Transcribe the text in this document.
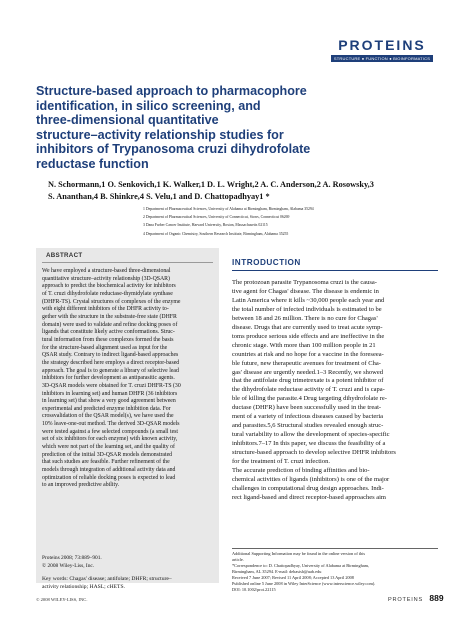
PROTEINS
STRUCTURE ● FUNCTION ● BIOINFORMATICS
Structure-based approach to pharmacophore
identification, in silico screening, and
three-dimensional quantitative
structure–activity relationship studies for
inhibitors of Trypanosoma cruzi dihydrofolate
reductase function
N. Schormann,1 O. Senkovich,1 K. Walker,1 D. L. Wright,2 A. C. Anderson,2 A. Rosowsky,3
S. Ananthan,4 B. Shinkre,4 S. Velu,1 and D. Chattopadhyay1 *
1 Department of Pharmaceutical Sciences, University of Alabama at Birmingham, Birmingham, Alabama 35294
2 Department of Pharmaceutical Sciences, University of Connecticut, Storrs, Connecticut 06269
3 Dana Farber Cancer Institute, Harvard University, Boston, Massachusetts 02115
4 Department of Organic Chemistry, Southern Research Institute, Birmingham, Alabama 35255
ABSTRACT
We have employed a structure-based three-dimensional
quantitative structure–activity relationship (3D-QSAR)
approach to predict the biochemical activity for inhibitors
of T. cruzi dihydrofolate reductase-thymidylate synthase
(DHFR-TS). Crystal structures of complexes of the enzyme
with eight different inhibitors of the DHFR activity to-
gether with the structure in the substrate-free state (DHFR
domain) were used to validate and refine docking poses of
ligands that constitute likely active conformations. Struc-
tural information from these complexes formed the basis
for the structure-based alignment used as input for the
QSAR study. Contrary to indirect ligand-based approaches
the strategy described here employs a direct receptor-based
approach. The goal is to generate a library of selective lead
inhibitors for further development as antiparasitic agents.
3D-QSAR models were obtained for T. cruzi DHFR-TS (30
inhibitors in learning set) and human DHFR (36 inhibitors
in learning set) that show a very good agreement between
experimental and predicted enzyme inhibition data. For
crossvalidation of the QSAR model(s), we have used the
10% leave-one-out method. The derived 3D-QSAR models
were tested against a few selected compounds (a small test
set of six inhibitors for each enzyme) with known activity,
which were not part of the learning set, and the quality of
prediction of the initial 3D-QSAR models demonstrated
that such studies are feasible. Further refinement of the
models through integration of additional activity data and
optimization of reliable docking poses is expected to lead
to an improved predictive ability.
Proteins 2008; 73:889–901.
© 2008 Wiley-Liss, Inc.
Key words: Chagas' disease; antifolate; DHFR; structure–
activity relationship; HASL; cHETS.
INTRODUCTION
The protozoan parasite Trypanosoma cruzi is the causa-
tive agent for Chagas' disease. The disease is endemic in
Latin America where it kills ~30,000 people each year and
the total number of infected individuals is estimated to be
between 18 and 26 million. There is no cure for Chagas'
disease. Drugs that are currently used to treat acute symp-
toms produce serious side effects and are ineffective in the
chronic stage. With more than 100 million people in 21
countries at risk and no hope for a vaccine in the foreseea-
ble future, new therapeutic avenues for treatment of Cha-
gas' disease are urgently needed.1–3 Recently, we showed
that the antifolate drug trimetrexate is a potent inhibitor of
the dihydrofolate reductase activity of T. cruzi and is capa-
ble of killing the parasite.4 Drug targeting dihydrofolate re-
ductase (DHFR) have been successfully used in the treat-
ment of a variety of infectious diseases caused by bacteria
and parasites.5,6 Structural studies revealed enough struc-
tural variability to allow the development of species-specific
inhibitors.7–17 In this paper, we discuss the feasibility of a
structure-based approach to develop selective DHFR inhibitors
for the treatment of T. cruzi infection.
The accurate prediction of binding affinities and bio-
chemical activities of ligands (inhibitors) is one of the major
challenges in computational drug design approaches. Indi-
rect ligand-based and direct receptor-based approaches aim
Additional Supporting Information may be found in the online version of this
article.
*Correspondence to: D. Chattopadhyay, University of Alabama at Birmingham,
Birmingham, AL 35294. E-mail: debasish@uab.edu
Received 7 June 2007; Revised 11 April 2008; Accepted 13 April 2008
Published online 5 June 2008 in Wiley InterScience (www.interscience.wiley.com).
DOI: 10.1002/prot.22115
© 2008 WILEY-LISS, INC.	PROTEINS 889
